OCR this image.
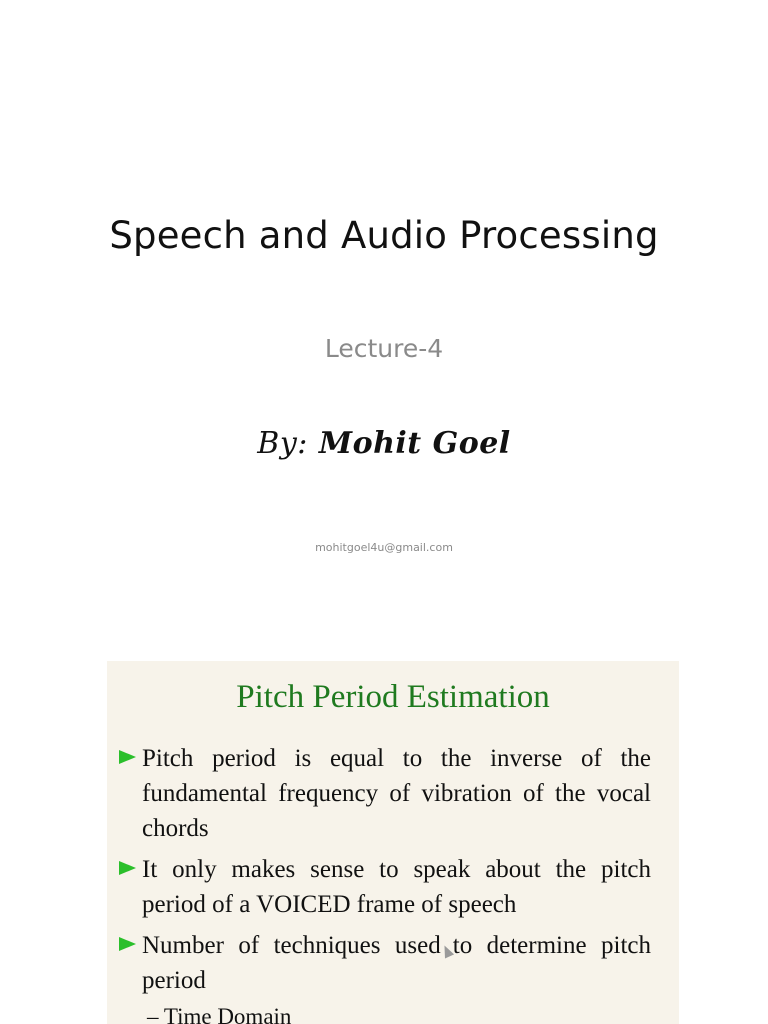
Speech and Audio Processing
Lecture-4
By: Mohit Goel
mohitgoel4u@gmail.com
Pitch Period Estimation
Pitch period is equal to the inverse of the fundamental frequency of vibration of the vocal chords
It only makes sense to speak about the pitch period of a VOICED frame of speech
Number of techniques used to determine pitch period
– Time Domain
